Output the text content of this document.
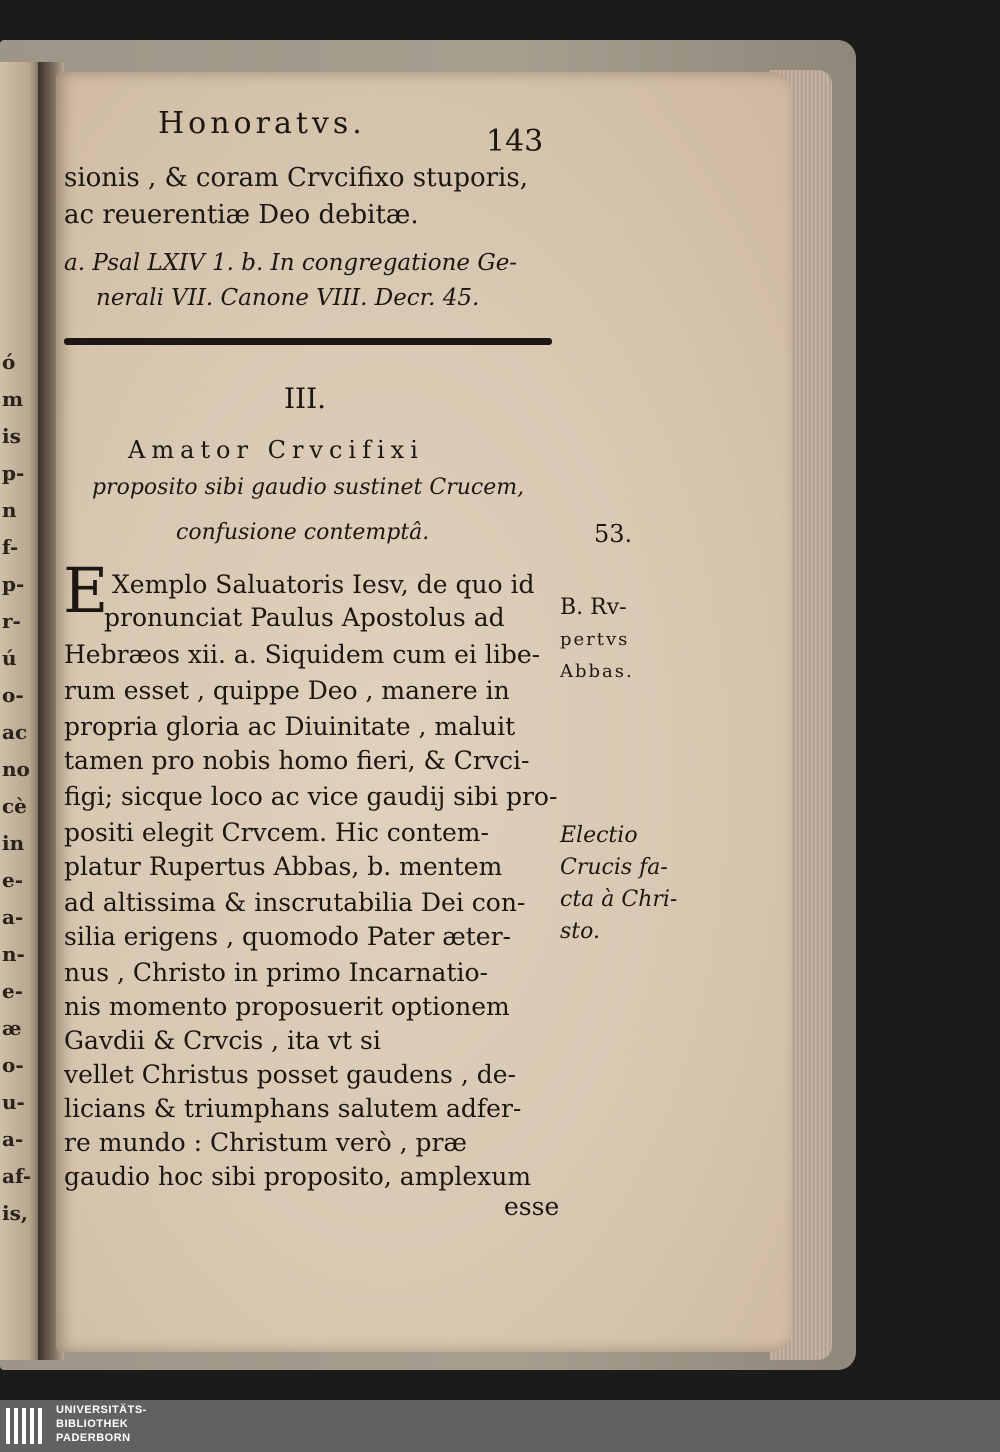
ó
m
is
p-
n
f-
p-
r-
ú
o-
ac
no
cè
in
e-
a-
n-
e-
æ
o-
u-
a-
af-
is,
Honoratvs.
143
sionis , & coram Crvcifixo stuporis,
ac reuerentiæ Deo debitæ.
a. Psal LXIV 1. b. In congregatione Ge-
nerali VII. Canone VIII. Decr. 45.
III.
Amator Crvcifixi
proposito sibi gaudio sustinet Crucem,
confusione contemptâ.	53.
E Xemplo Saluatoris Iesv, de quo id
pronunciat Paulus Apostolus ad
Hebræos xii. a. Siquidem cum ei libe-
rum esset , quippe Deo , manere in
propria gloria ac Diuinitate , maluit
tamen pro nobis homo fieri, & Crvci-
figi; sicque loco ac vice gaudij sibi pro-
positi elegit Crvcem. Hic contem-
platur Rupertus Abbas, b. mentem
ad altissima & inscrutabilia Dei con-
silia erigens , quomodo Pater æter-
nus , Christo in primo Incarnatio-
nis momento proposuerit optionem
Gavdii & Crvcis , ita vt si
vellet Christus posset gaudens , de-
licians & triumphans salutem adfer-
re mundo : Christum verò , præ
gaudio hoc sibi proposito, amplexum
esse
B. Rv-
pertvs
Abbas.
Electio
Crucis fa-
cta à Chri-
sto.
UNIVERSITÄTS-
BIBLIOTHEK
PADERBORN
